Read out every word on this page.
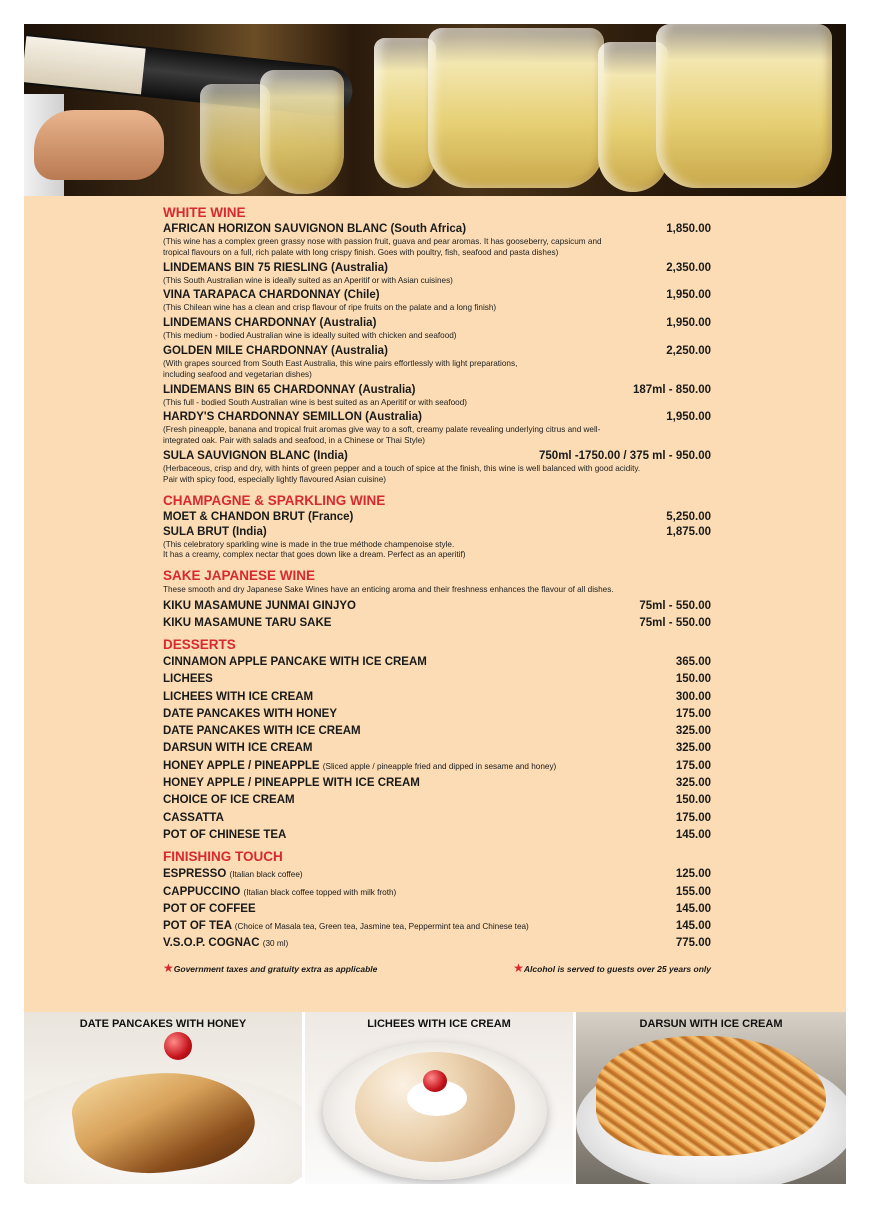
WHITE WINE
AFRICAN HORIZON SAUVIGNON BLANC (South Africa)	1,850.00
(This wine has a complex green grassy nose with passion fruit, guava and pear aromas. It has gooseberry, capsicum and
tropical flavours on a full, rich palate with long crispy finish. Goes with poultry, fish, seafood and pasta dishes)
LINDEMANS BIN 75 RIESLING (Australia)	2,350.00
(This South Australian wine is ideally suited as an Aperitif or with Asian cuisines)
VINA TARAPACA CHARDONNAY (Chile)	1,950.00
(This Chilean wine has a clean and crisp flavour of ripe fruits on the palate and a long finish)
LINDEMANS CHARDONNAY (Australia)	1,950.00
(This medium - bodied Australian wine is ideally suited with chicken and seafood)
GOLDEN MILE CHARDONNAY (Australia)	2,250.00
(With grapes sourced from South East Australia, this wine pairs effortlessly with light preparations,
including seafood and vegetarian dishes)
LINDEMANS BIN 65 CHARDONNAY (Australia)	187ml - 850.00
(This full - bodied South Australian wine is best suited as an Aperitif or with seafood)
HARDY'S CHARDONNAY SEMILLON (Australia)	1,950.00
(Fresh pineapple, banana and tropical fruit aromas give way to a soft, creamy palate revealing underlying citrus and well-
integrated oak. Pair with salads and seafood, in a Chinese or Thai Style)
SULA SAUVIGNON BLANC (India)	750ml -1750.00 / 375 ml - 950.00
(Herbaceous, crisp and dry, with hints of green pepper and a touch of spice at the finish, this wine is well balanced with good acidity.
Pair with spicy food, especially lightly flavoured Asian cuisine)
CHAMPAGNE & SPARKLING WINE
MOET & CHANDON BRUT (France)	5,250.00
SULA BRUT (India)	1,875.00
(This celebratory sparkling wine is made in the true méthode champenoise style.
It has a creamy, complex nectar that goes down like a dream. Perfect as an aperitif)
SAKE JAPANESE WINE
These smooth and dry Japanese Sake Wines have an enticing aroma and their freshness enhances the flavour of all dishes.
KIKU MASAMUNE JUNMAI GINJYO	75ml - 550.00
KIKU MASAMUNE TARU SAKE	75ml - 550.00
DESSERTS
CINNAMON APPLE PANCAKE WITH ICE CREAM	365.00
LICHEES	150.00
LICHEES WITH ICE CREAM	300.00
DATE PANCAKES WITH HONEY	175.00
DATE PANCAKES WITH ICE CREAM	325.00
DARSUN WITH ICE CREAM	325.00
HONEY APPLE / PINEAPPLE (Sliced apple / pineapple fried and dipped in sesame and honey)	175.00
HONEY APPLE / PINEAPPLE WITH ICE CREAM	325.00
CHOICE OF ICE CREAM	150.00
CASSATTA	175.00
POT OF CHINESE TEA	145.00
FINISHING TOUCH
ESPRESSO (Italian black coffee)	125.00
CAPPUCCINO (Italian black coffee topped with milk froth)	155.00
POT OF COFFEE	145.00
POT OF TEA (Choice of Masala tea, Green tea, Jasmine tea, Peppermint tea and Chinese tea)	145.00
V.S.O.P. COGNAC (30 ml)	775.00
★Government taxes and gratuity extra as applicable	★Alcohol is served to guests over 25 years only
DATE PANCAKES WITH HONEY	LICHEES WITH ICE CREAM	DARSUN WITH ICE CREAM
